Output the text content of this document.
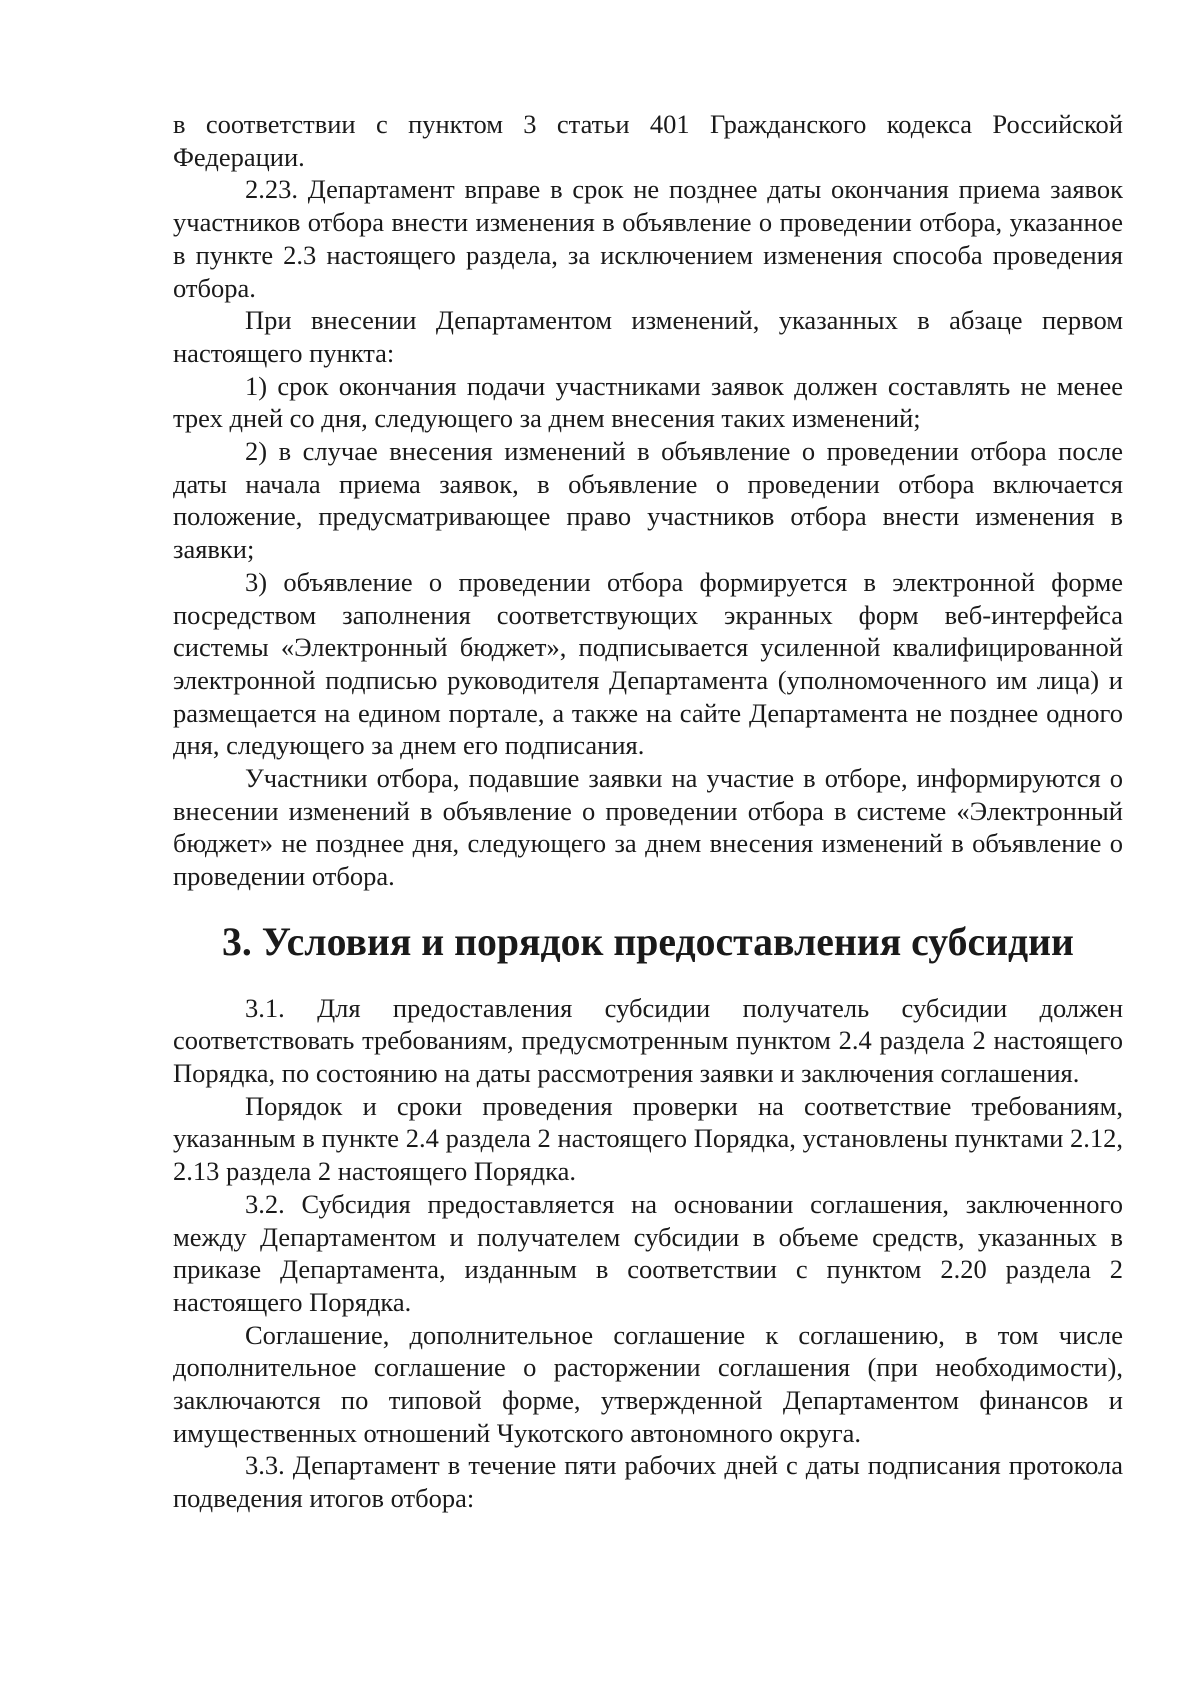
в соответствии с пунктом 3 статьи 401 Гражданского кодекса Российской Федерации.

2.23. Департамент вправе в срок не позднее даты окончания приема заявок участников отбора внести изменения в объявление о проведении отбора, указанное в пункте 2.3 настоящего раздела, за исключением изменения способа проведения отбора.

При внесении Департаментом изменений, указанных в абзаце первом настоящего пункта:

1) срок окончания подачи участниками заявок должен составлять не менее трех дней со дня, следующего за днем внесения таких изменений;

2) в случае внесения изменений в объявление о проведении отбора после даты начала приема заявок, в объявление о проведении отбора включается положение, предусматривающее право участников отбора внести изменения в заявки;

3) объявление о проведении отбора формируется в электронной форме посредством заполнения соответствующих экранных форм веб-интерфейса системы «Электронный бюджет», подписывается усиленной квалифицированной электронной подписью руководителя Департамента (уполномоченного им лица) и размещается на едином портале, а также на сайте Департамента не позднее одного дня, следующего за днем его подписания.

Участники отбора, подавшие заявки на участие в отборе, информируются о внесении изменений в объявление о проведении отбора в системе «Электронный бюджет» не позднее дня, следующего за днем внесения изменений в объявление о проведении отбора.

3. Условия и порядок предоставления субсидии

3.1. Для предоставления субсидии получатель субсидии должен соответствовать требованиям, предусмотренным пунктом 2.4 раздела 2 настоящего Порядка, по состоянию на даты рассмотрения заявки и заключения соглашения.

Порядок и сроки проведения проверки на соответствие требованиям, указанным в пункте 2.4 раздела 2 настоящего Порядка, установлены пунктами 2.12, 2.13 раздела 2 настоящего Порядка.

3.2. Субсидия предоставляется на основании соглашения, заключенного между Департаментом и получателем субсидии в объеме средств, указанных в приказе Департамента, изданным в соответствии с пунктом 2.20 раздела 2 настоящего Порядка.

Соглашение, дополнительное соглашение к соглашению, в том числе дополнительное соглашение о расторжении соглашения (при необходимости), заключаются по типовой форме, утвержденной Департаментом финансов и имущественных отношений Чукотского автономного округа.

3.3. Департамент в течение пяти рабочих дней с даты подписания протокола подведения итогов отбора:
